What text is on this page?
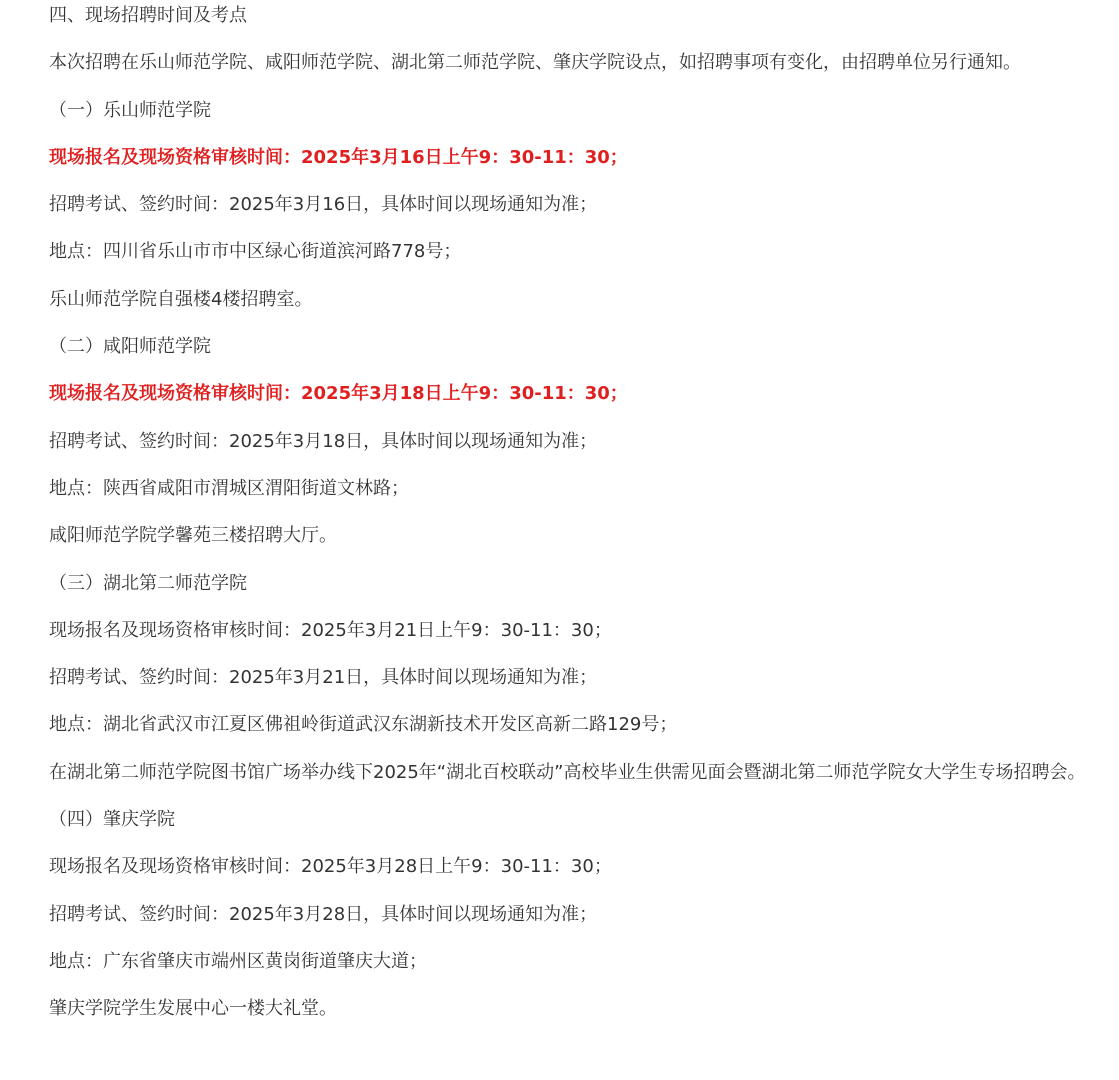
四、现场招聘时间及考点

本次招聘在乐山师范学院、咸阳师范学院、湖北第二师范学院、肇庆学院设点，如招聘事项有变化，由招聘单位另行通知。

（一）乐山师范学院

现场报名及现场资格审核时间：2025年3月16日上午9：30-11：30；

招聘考试、签约时间：2025年3月16日，具体时间以现场通知为准；

地点：四川省乐山市市中区绿心街道滨河路778号；

乐山师范学院自强楼4楼招聘室。

（二）咸阳师范学院

现场报名及现场资格审核时间：2025年3月18日上午9：30-11：30；

招聘考试、签约时间：2025年3月18日，具体时间以现场通知为准；

地点：陕西省咸阳市渭城区渭阳街道文林路；

咸阳师范学院学馨苑三楼招聘大厅。

（三）湖北第二师范学院

现场报名及现场资格审核时间：2025年3月21日上午9：30-11：30；

招聘考试、签约时间：2025年3月21日，具体时间以现场通知为准；

地点：湖北省武汉市江夏区佛祖岭街道武汉东湖新技术开发区高新二路129号；

在湖北第二师范学院图书馆广场举办线下2025年“湖北百校联动”高校毕业生供需见面会暨湖北第二师范学院女大学生专场招聘会。

（四）肇庆学院

现场报名及现场资格审核时间：2025年3月28日上午9：30-11：30；

招聘考试、签约时间：2025年3月28日，具体时间以现场通知为准；

地点：广东省肇庆市端州区黄岗街道肇庆大道；

肇庆学院学生发展中心一楼大礼堂。
